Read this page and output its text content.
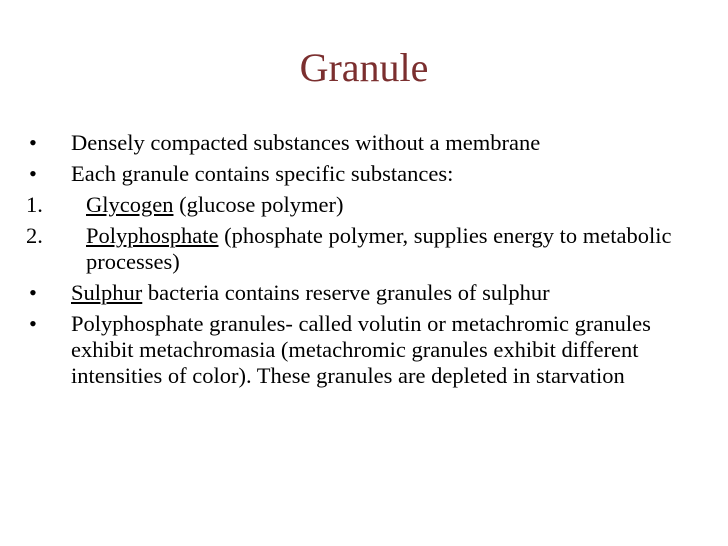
Granule
•	Densely compacted substances without a membrane
•	Each granule contains specific substances:
1.	Glycogen (glucose polymer)
2.	Polyphosphate (phosphate polymer, supplies energy to metabolic processes)
•	Sulphur bacteria contains reserve granules of sulphur
•	Polyphosphate granules- called volutin or metachromic granules exhibit metachromasia (metachromic granules exhibit different intensities of color). These granules are depleted in starvation
